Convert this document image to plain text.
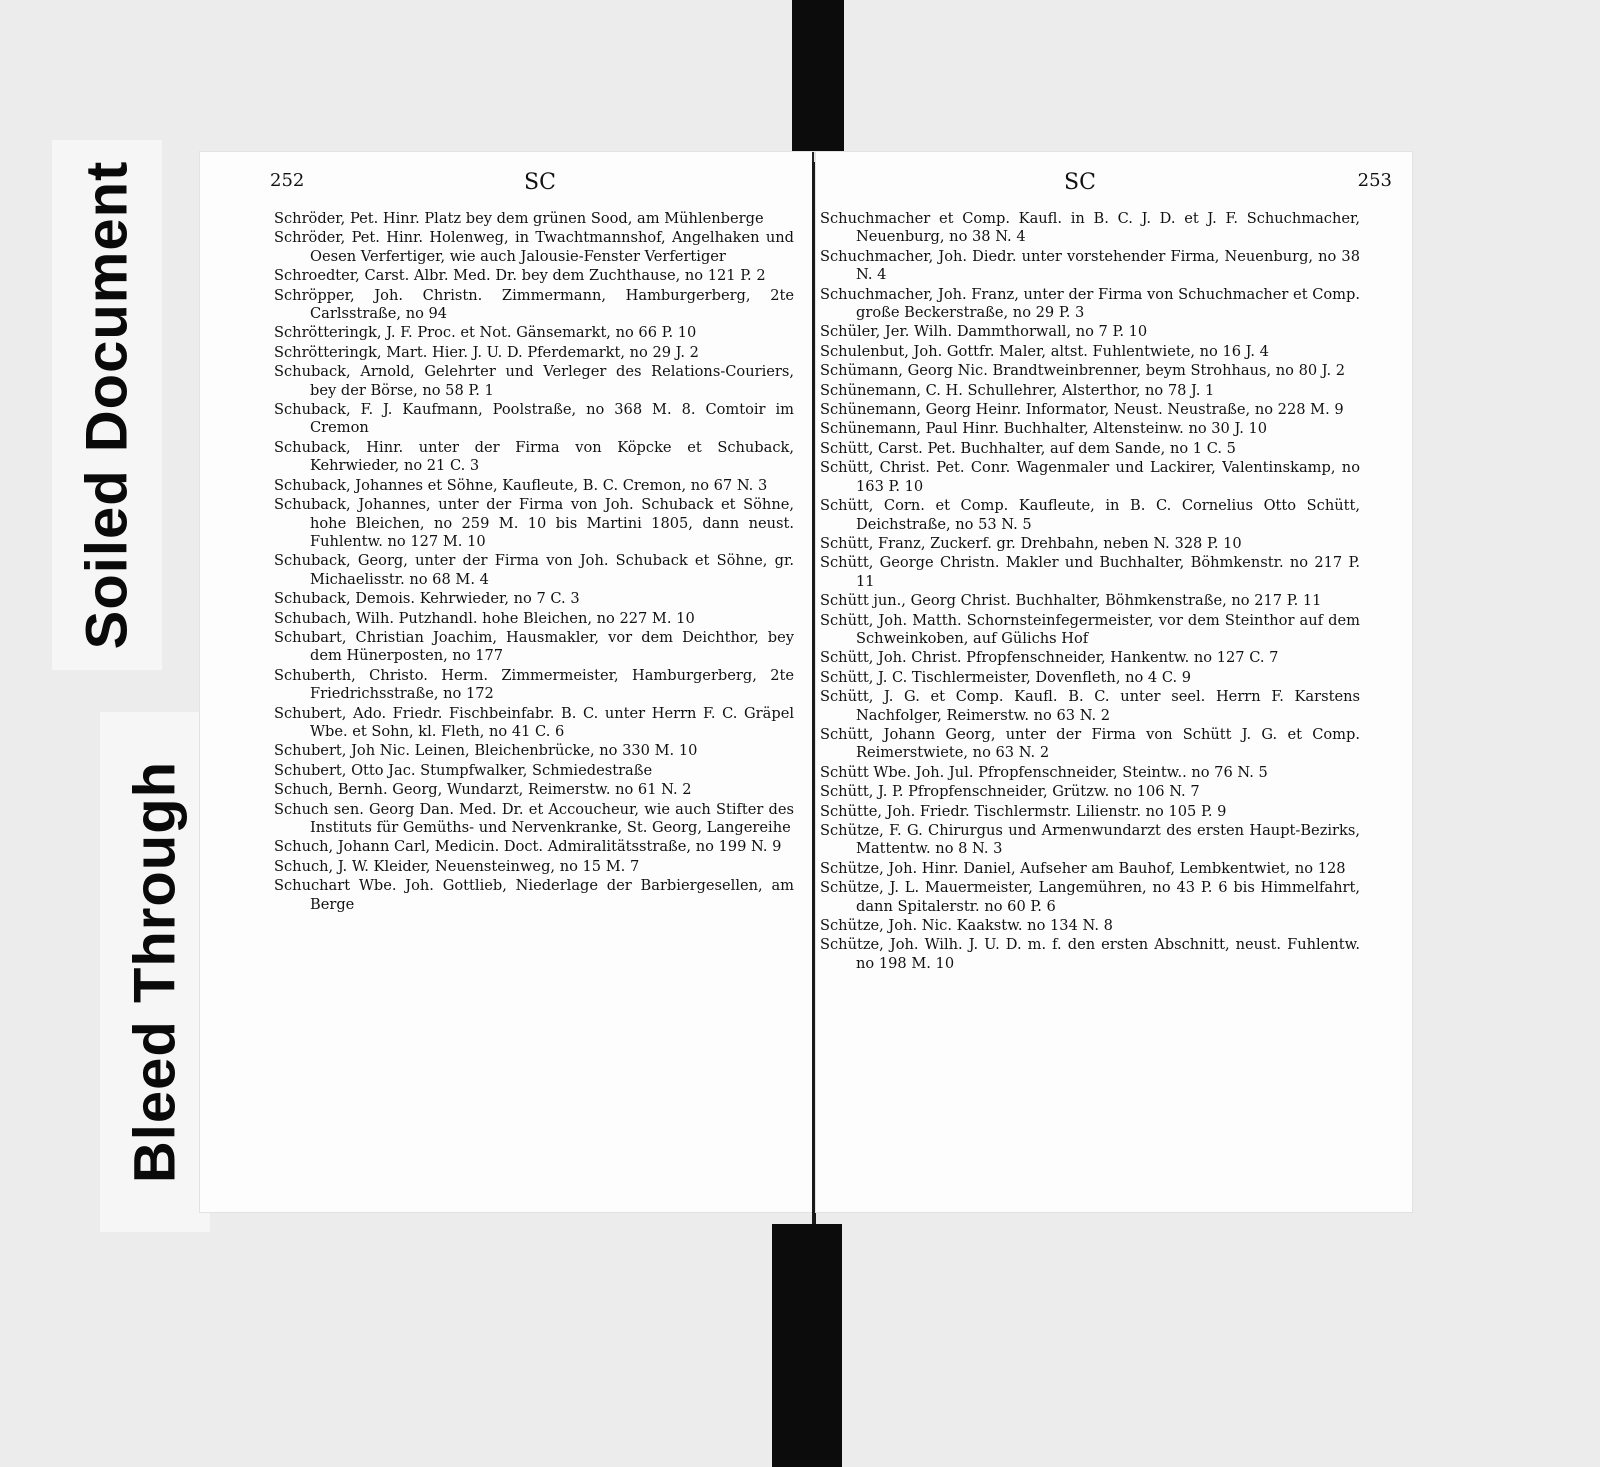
Soiled Document
Bleed Through
252	SC
Schröder, Pet. Hinr. Platz bey dem grünen Sood, am Mühlenberge
Schröder, Pet. Hinr. Holenweg, in Twachtmannshof, Angelhaken und Oesen Verfertiger, wie auch Jalousie-Fenster Verfertiger
Schroedter, Carst. Albr. Med. Dr. bey dem Zuchthause, no 121 P. 2
Schröpper, Joh. Christn. Zimmermann, Hamburgerberg, 2te Carlsstraße, no 94
Schrötteringk, J. F. Proc. et Not. Gänsemarkt, no 66 P. 10
Schrötteringk, Mart. Hier. J. U. D. Pferdemarkt, no 29 J. 2
Schuback, Arnold, Gelehrter und Verleger des Relations-Couriers, bey der Börse, no 58 P. 1
Schuback, F. J. Kaufmann, Poolstraße, no 368 M. 8. Comtoir im Cremon
Schuback, Hinr. unter der Firma von Köpcke et Schuback, Kehrwieder, no 21 C. 3
Schuback, Johannes et Söhne, Kaufleute, B. C. Cremon, no 67 N. 3
Schuback, Johannes, unter der Firma von Joh. Schuback et Söhne, hohe Bleichen, no 259 M. 10 bis Martini 1805, dann neust. Fuhlentw. no 127 M. 10
Schuback, Georg, unter der Firma von Joh. Schuback et Söhne, gr. Michaelisstr. no 68 M. 4
Schuback, Demois. Kehrwieder, no 7 C. 3
Schubach, Wilh. Putzhandl. hohe Bleichen, no 227 M. 10
Schubart, Christian Joachim, Hausmakler, vor dem Deichthor, bey dem Hünerposten, no 177
Schuberth, Christo. Herm. Zimmermeister, Hamburgerberg, 2te Friedrichsstraße, no 172
Schubert, Ado. Friedr. Fischbeinfabr. B. C. unter Herrn F. C. Gräpel Wbe. et Sohn, kl. Fleth, no 41 C. 6
Schubert, Joh Nic. Leinen, Bleichenbrücke, no 330 M. 10
Schubert, Otto Jac. Stumpfwalker, Schmiedestraße
Schuch, Bernh. Georg, Wundarzt, Reimerstw. no 61 N. 2
Schuch sen. Georg Dan. Med. Dr. et Accoucheur, wie auch Stifter des Instituts für Gemüths- und Nervenkranke, St. Georg, Langereihe
Schuch, Johann Carl, Medicin. Doct. Admiralitätsstraße, no 199 N. 9
Schuch, J. W. Kleider, Neuensteinweg, no 15 M. 7
Schuchart Wbe. Joh. Gottlieb, Niederlage der Barbiergesellen, am Berge
SC	253
Schuchmacher et Comp. Kaufl. in B. C. J. D. et J. F. Schuchmacher, Neuenburg, no 38 N. 4
Schuchmacher, Joh. Diedr. unter vorstehender Firma, Neuenburg, no 38 N. 4
Schuchmacher, Joh. Franz, unter der Firma von Schuchmacher et Comp. große Beckerstraße, no 29 P. 3
Schüler, Jer. Wilh. Dammthorwall, no 7 P. 10
Schulenbut, Joh. Gottfr. Maler, altst. Fuhlentwiete, no 16 J. 4
Schümann, Georg Nic. Brandtweinbrenner, beym Strohhaus, no 80 J. 2
Schünemann, C. H. Schullehrer, Alsterthor, no 78 J. 1
Schünemann, Georg Heinr. Informator, Neust. Neustraße, no 228 M. 9
Schünemann, Paul Hinr. Buchhalter, Altensteinw. no 30 J. 10
Schütt, Carst. Pet. Buchhalter, auf dem Sande, no 1 C. 5
Schütt, Christ. Pet. Conr. Wagenmaler und Lackirer, Valentinskamp, no 163 P. 10
Schütt, Corn. et Comp. Kaufleute, in B. C. Cornelius Otto Schütt, Deichstraße, no 53 N. 5
Schütt, Franz, Zuckerf. gr. Drehbahn, neben N. 328 P. 10
Schütt, George Christn. Makler und Buchhalter, Böhmkenstr. no 217 P. 11
Schütt jun., Georg Christ. Buchhalter, Böhmkenstraße, no 217 P. 11
Schütt, Joh. Matth. Schornsteinfegermeister, vor dem Steinthor auf dem Schweinkoben, auf Gülichs Hof
Schütt, Joh. Christ. Pfropfenschneider, Hankentw. no 127 C. 7
Schütt, J. C. Tischlermeister, Dovenfleth, no 4 C. 9
Schütt, J. G. et Comp. Kaufl. B. C. unter seel. Herrn F. Karstens Nachfolger, Reimerstw. no 63 N. 2
Schütt, Johann Georg, unter der Firma von Schütt J. G. et Comp. Reimerstwiete, no 63 N. 2
Schütt Wbe. Joh. Jul. Pfropfenschneider, Steintw.. no 76 N. 5
Schütt, J. P. Pfropfenschneider, Grützw. no 106 N. 7
Schütte, Joh. Friedr. Tischlermstr. Lilienstr. no 105 P. 9
Schütze, F. G. Chirurgus und Armenwundarzt des ersten Haupt-Bezirks, Mattentw. no 8 N. 3
Schütze, Joh. Hinr. Daniel, Aufseher am Bauhof, Lembkentwiet, no 128
Schütze, J. L. Mauermeister, Langemühren, no 43 P. 6 bis Himmelfahrt, dann Spitalerstr. no 60 P. 6
Schütze, Joh. Nic. Kaakstw. no 134 N. 8
Schütze, Joh. Wilh. J. U. D. m. f. den ersten Abschnitt, neust. Fuhlentw. no 198 M. 10
